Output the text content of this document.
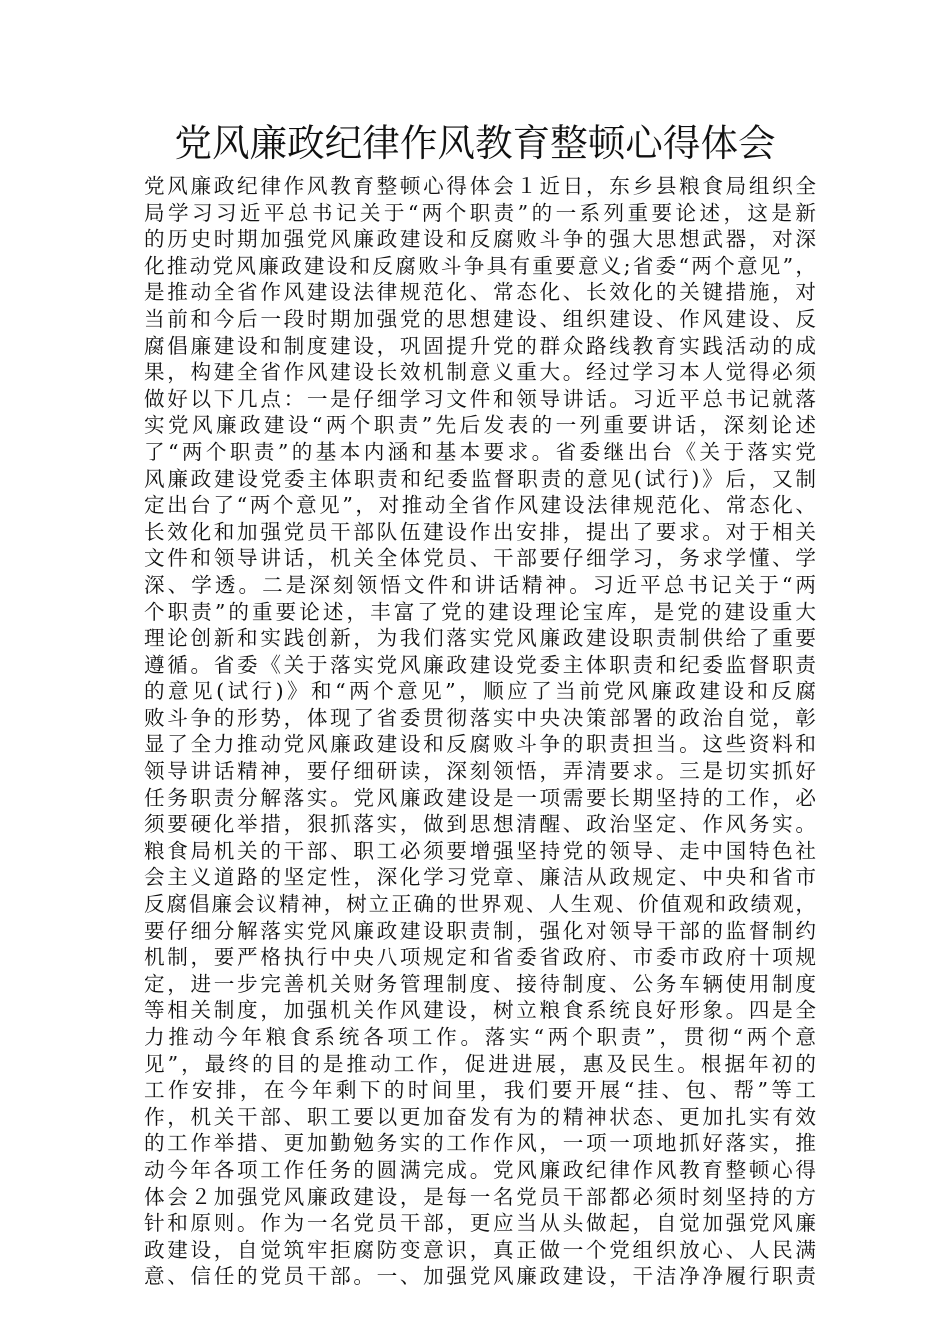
党风廉政纪律作风教育整顿心得体会
党风廉政纪律作风教育整顿心得体会１近日，东乡县粮食局组织全
局学习习近平总书记关于“两个职责”的一系列重要论述，这是新
的历史时期加强党风廉政建设和反腐败斗争的强大思想武器，对深
化推动党风廉政建设和反腐败斗争具有重要意义;省委“两个意见”，
是推动全省作风建设法律规范化、常态化、长效化的关键措施，对
当前和今后一段时期加强党的思想建设、组织建设、作风建设、反
腐倡廉建设和制度建设，巩固提升党的群众路线教育实践活动的成
果，构建全省作风建设长效机制意义重大。经过学习本人觉得必须
做好以下几点：一是仔细学习文件和领导讲话。习近平总书记就落
实党风廉政建设“两个职责”先后发表的一列重要讲话，深刻论述
了“两个职责”的基本内涵和基本要求。省委继出台《关于落实党
风廉政建设党委主体职责和纪委监督职责的意见(试行)》后，又制
定出台了“两个意见”，对推动全省作风建设法律规范化、常态化、
长效化和加强党员干部队伍建设作出安排，提出了要求。对于相关
文件和领导讲话，机关全体党员、干部要仔细学习，务求学懂、学
深、学透。二是深刻领悟文件和讲话精神。习近平总书记关于“两
个职责”的重要论述，丰富了党的建设理论宝库，是党的建设重大
理论创新和实践创新，为我们落实党风廉政建设职责制供给了重要
遵循。省委《关于落实党风廉政建设党委主体职责和纪委监督职责
的意见(试行)》和“两个意见”，顺应了当前党风廉政建设和反腐
败斗争的形势，体现了省委贯彻落实中央决策部署的政治自觉，彰
显了全力推动党风廉政建设和反腐败斗争的职责担当。这些资料和
领导讲话精神，要仔细研读，深刻领悟，弄清要求。三是切实抓好
任务职责分解落实。党风廉政建设是一项需要长期坚持的工作，必
须要硬化举措，狠抓落实，做到思想清醒、政治坚定、作风务实。
粮食局机关的干部、职工必须要增强坚持党的领导、走中国特色社
会主义道路的坚定性，深化学习党章、廉洁从政规定、中央和省市
反腐倡廉会议精神，树立正确的世界观、人生观、价值观和政绩观，
要仔细分解落实党风廉政建设职责制，强化对领导干部的监督制约
机制，要严格执行中央八项规定和省委省政府、市委市政府十项规
定，进一步完善机关财务管理制度、接待制度、公务车辆使用制度
等相关制度，加强机关作风建设，树立粮食系统良好形象。四是全
力推动今年粮食系统各项工作。落实“两个职责”，贯彻“两个意
见”，最终的目的是推动工作，促进进展，惠及民生。根据年初的
工作安排，在今年剩下的时间里，我们要开展“挂、包、帮”等工
作，机关干部、职工要以更加奋发有为的精神状态、更加扎实有效
的工作举措、更加勤勉务实的工作作风，一项一项地抓好落实，推
动今年各项工作任务的圆满完成。党风廉政纪律作风教育整顿心得
体会２加强党风廉政建设，是每一名党员干部都必须时刻坚持的方
针和原则。作为一名党员干部，更应当从头做起，自觉加强党风廉
政建设，自觉筑牢拒腐防变意识，真正做一个党组织放心、人民满
意、信任的党员干部。一、加强党风廉政建设，干洁净净履行职责
